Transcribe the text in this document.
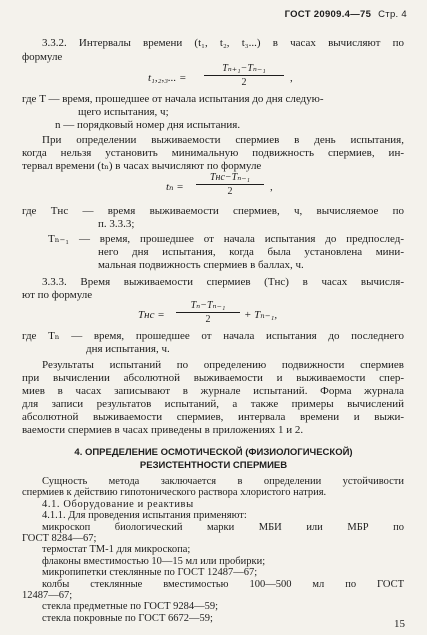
ГОСТ 20909.4—75 Стр. 4
3.3.2. Интервалы времени (t₁, t₂, t₃...) в часах вычисляют по
формуле
t₁,₂,₃... = $\frac{\text{Tₙ₊₁−Tₙ₋₁}}{2}$ ,
где T — время, прошедшее от начала испытания до дня следую-
щего испытания, ч;
n — порядковый номер дня испытания.
При определении выживаемости спермиев в день испытания,
когда нельзя установить минимальную подвижность спермиев, ин-
тервал времени (tₙ) в часах вычисляют по формуле
tₙ =
Tнс−Tₙ₋₁
2	,
где Tнс — время выживаемости спермиев, ч, вычисляемое по
п. 3.3.3;
Tₙ₋₁ — время, прошедшее от начала испытания до предпослед-
него дня испытания, когда была установлена мини-
мальная подвижность спермиев в баллах, ч.
3.3.3. Время выживаемости спермиев (Tнс) в часах вычисля-
ют по формуле
Tнс = $\frac{\text{Tₙ−Tₙ₋₁}}{2} + T_{n-1}$,
где Tₙ — время, прошедшее от начала испытания до последнего
дня испытания, ч.
Результаты испытаний по определению подвижности спермиев
при вычислении абсолютной выживаемости и выживаемости спер-
миев в часах записывают в журнале испытаний. Форма журнала
для записи результатов испытаний, а также примеры вычислений
абсолютной выживаемости спермиев, интервала времени и выжи-
ваемости спермиев в часах приведены в приложениях 1 и 2.
4. ОПРЕДЕЛЕНИЕ ОСМОТИЧЕСКОЙ (ФИЗИОЛОГИЧЕСКОЙ)
РЕЗИСТЕНТНОСТИ СПЕРМИЕВ
Сущность метода заключается в определении устойчивости
спермиев к действию гипотонического раствора хлористого натрия.
4.1. Оборудование и реактивы
4.1.1. Для проведения испытания применяют:
микроскоп биологический марки МБИ или МБР по
ГОСТ 8284—67;
термостат ТМ-1 для микроскопа;
флаконы вместимостью 10—15 мл или пробирки;
микропипетки стеклянные по ГОСТ 12487—67;
колбы стеклянные вместимостью 100—500 мл по ГОСТ
12487—67;
стекла предметные по ГОСТ 9284—59;
стекла покровные по ГОСТ 6672—59;	15
